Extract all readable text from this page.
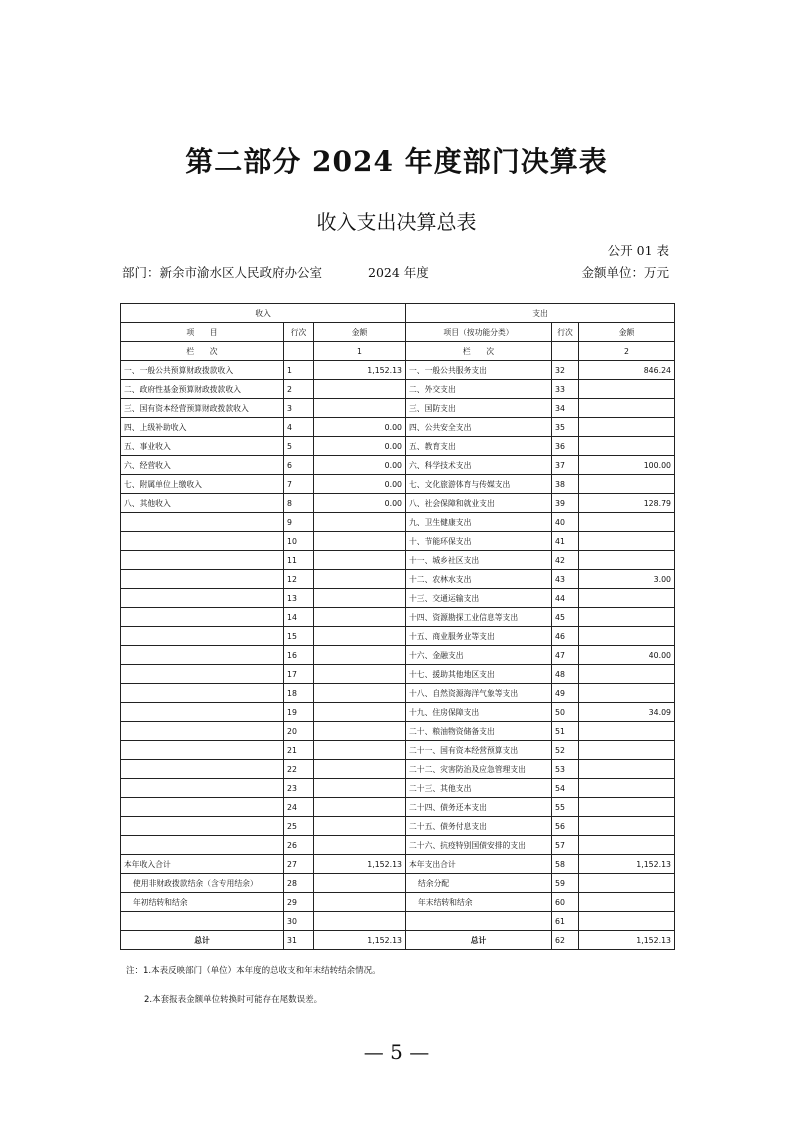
第二部分 2024 年度部门决算表
收入支出决算总表
公开 01 表
部门：新余市渝水区人民政府办公室	2024 年度	金额单位：万元
收入			支出		
项　　目	行次	金额	项目（按功能分类）	行次	金额
栏　　次		1	栏　　次		2
一、一般公共预算财政拨款收入	1	1,152.13	一、一般公共服务支出	32	846.24
二、政府性基金预算财政拨款收入	2		二、外交支出	33	
三、国有资本经营预算财政拨款收入	3		三、国防支出	34	
四、上级补助收入	4	0.00	四、公共安全支出	35	
五、事业收入	5	0.00	五、教育支出	36	
六、经营收入	6	0.00	六、科学技术支出	37	100.00
七、附属单位上缴收入	7	0.00	七、文化旅游体育与传媒支出	38	
八、其他收入	8	0.00	八、社会保障和就业支出	39	128.79
	9		九、卫生健康支出	40	
	10		十、节能环保支出	41	
	11		十一、城乡社区支出	42	
	12		十二、农林水支出	43	3.00
	13		十三、交通运输支出	44	
	14		十四、资源勘探工业信息等支出	45	
	15		十五、商业服务业等支出	46	
	16		十六、金融支出	47	40.00
	17		十七、援助其他地区支出	48	
	18		十八、自然资源海洋气象等支出	49	
	19		十九、住房保障支出	50	34.09
	20		二十、粮油物资储备支出	51	
	21		二十一、国有资本经营预算支出	52	
	22		二十二、灾害防治及应急管理支出	53	
	23		二十三、其他支出	54	
	24		二十四、债务还本支出	55	
	25		二十五、债务付息支出	56	
	26		二十六、抗疫特别国债安排的支出	57	
本年收入合计	27	1,152.13	本年支出合计	58	1,152.13
使用非财政拨款结余（含专用结余）	28		结余分配	59	
年初结转和结余	29		年末结转和结余	60	
	30			61	
总计	31	1,152.13	总计	62	1,152.13
注：1.本表反映部门（单位）本年度的总收支和年末结转结余情况。
2.本套报表金额单位转换时可能存在尾数误差。
— 5 —
